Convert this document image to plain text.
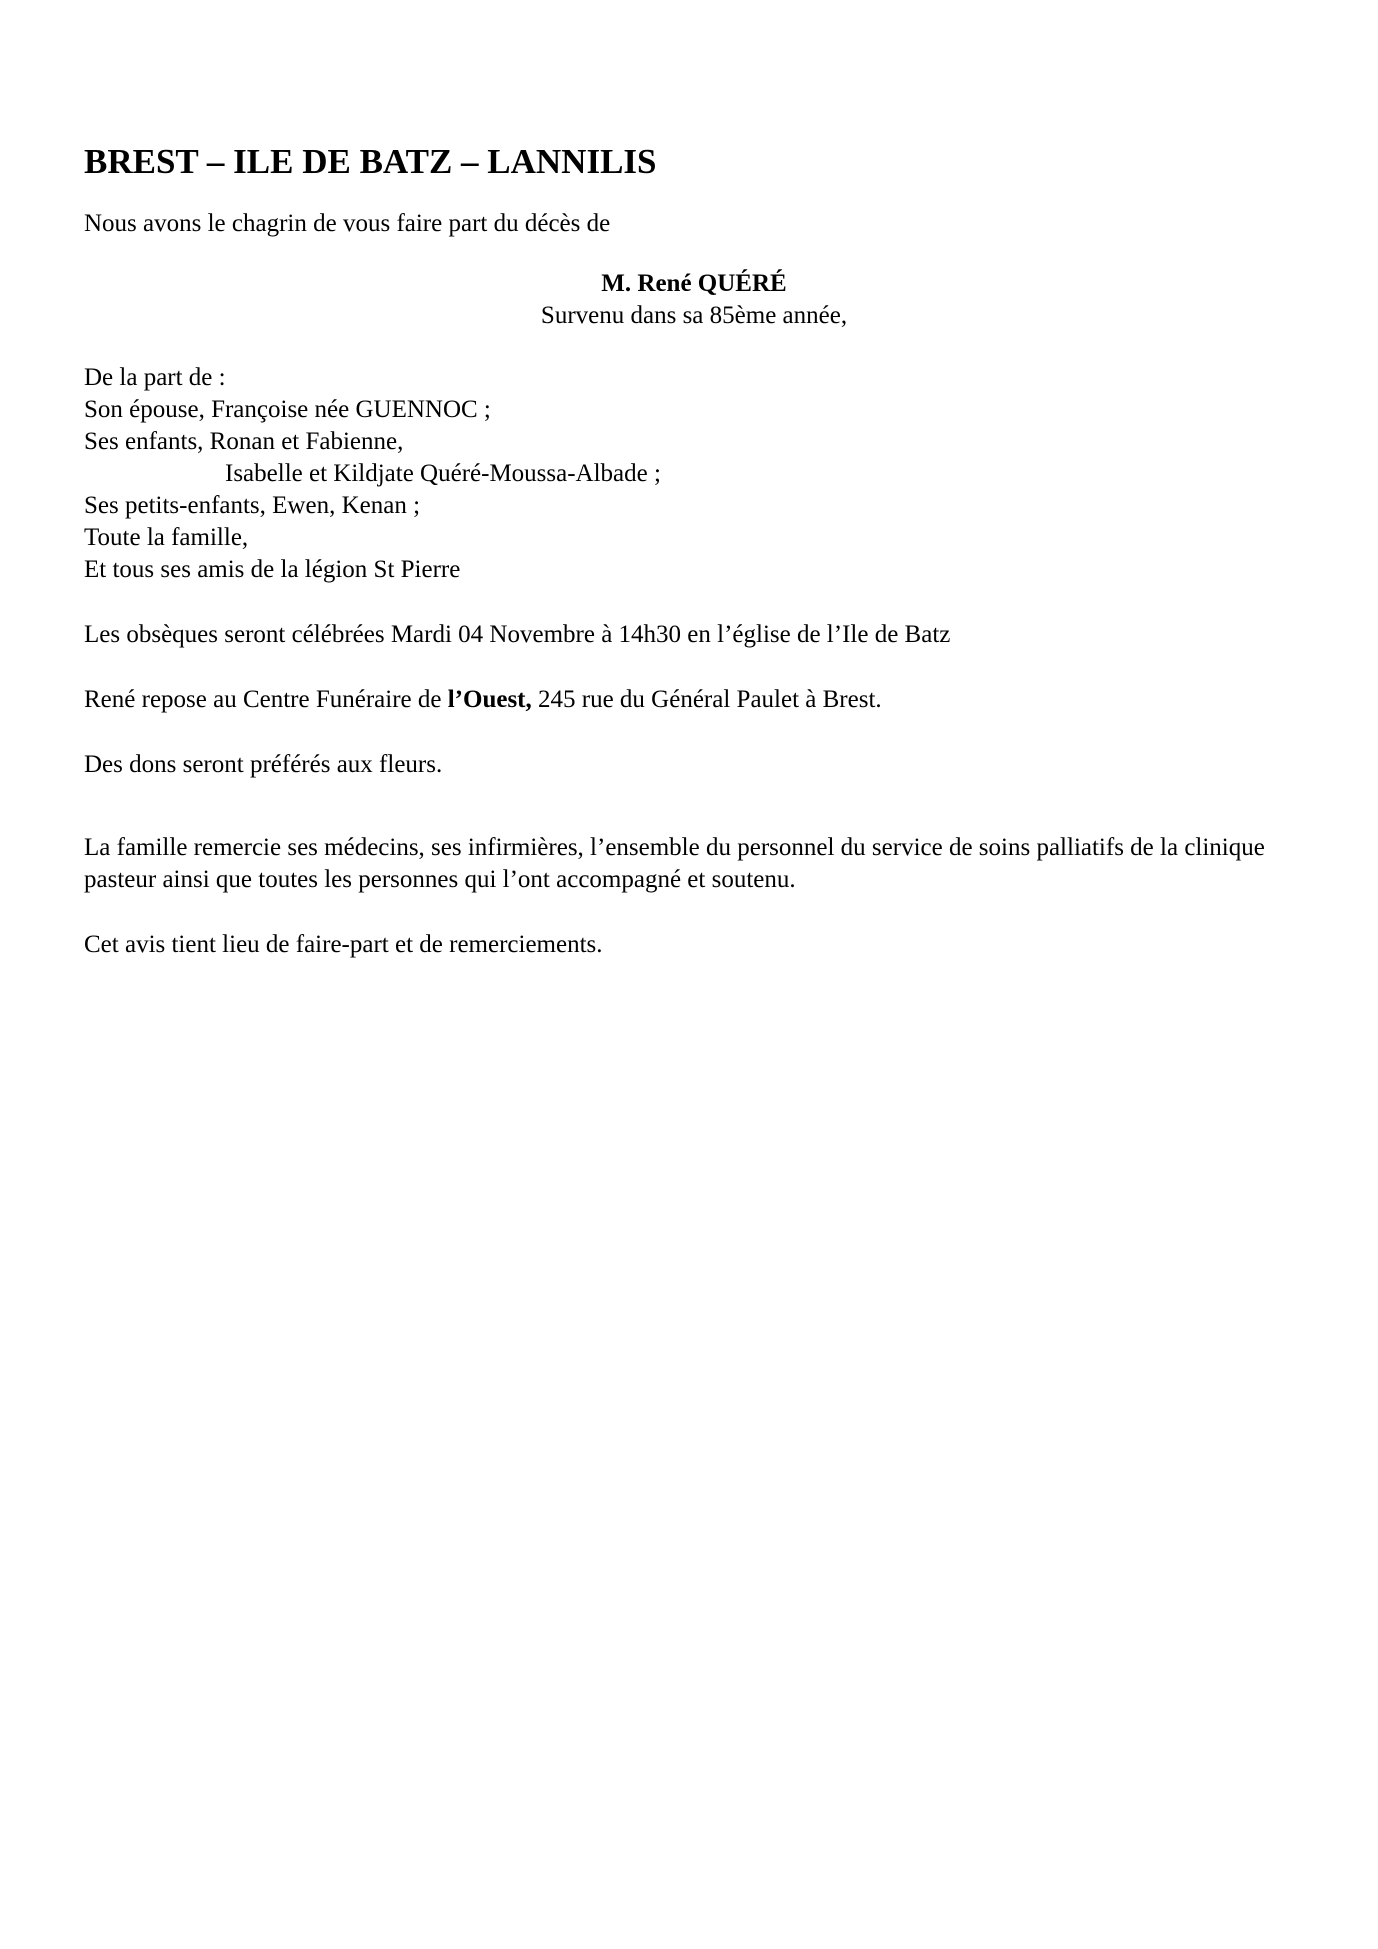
BREST – ILE DE BATZ – LANNILIS

Nous avons le chagrin de vous faire part du décès de

M. René QUÉRÉ

Survenu dans sa 85ème année,

De la part de :

Son épouse, Françoise née GUENNOC ;

Ses enfants, Ronan et Fabienne,

Isabelle et Kildjate Quéré-Moussa-Albade ;

Ses petits-enfants, Ewen, Kenan ;

Toute la famille,

Et tous ses amis de la légion St Pierre

Les obsèques seront célébrées Mardi 04 Novembre à 14h30 en l’église de l’Ile de Batz

René repose au Centre Funéraire de l’Ouest, 245 rue du Général Paulet à Brest.

Des dons seront préférés aux fleurs.

La famille remercie ses médecins, ses infirmières, l’ensemble du personnel du service de soins palliatifs de la clinique pasteur ainsi que toutes les personnes qui l’ont accompagné et soutenu.

Cet avis tient lieu de faire-part et de remerciements.
